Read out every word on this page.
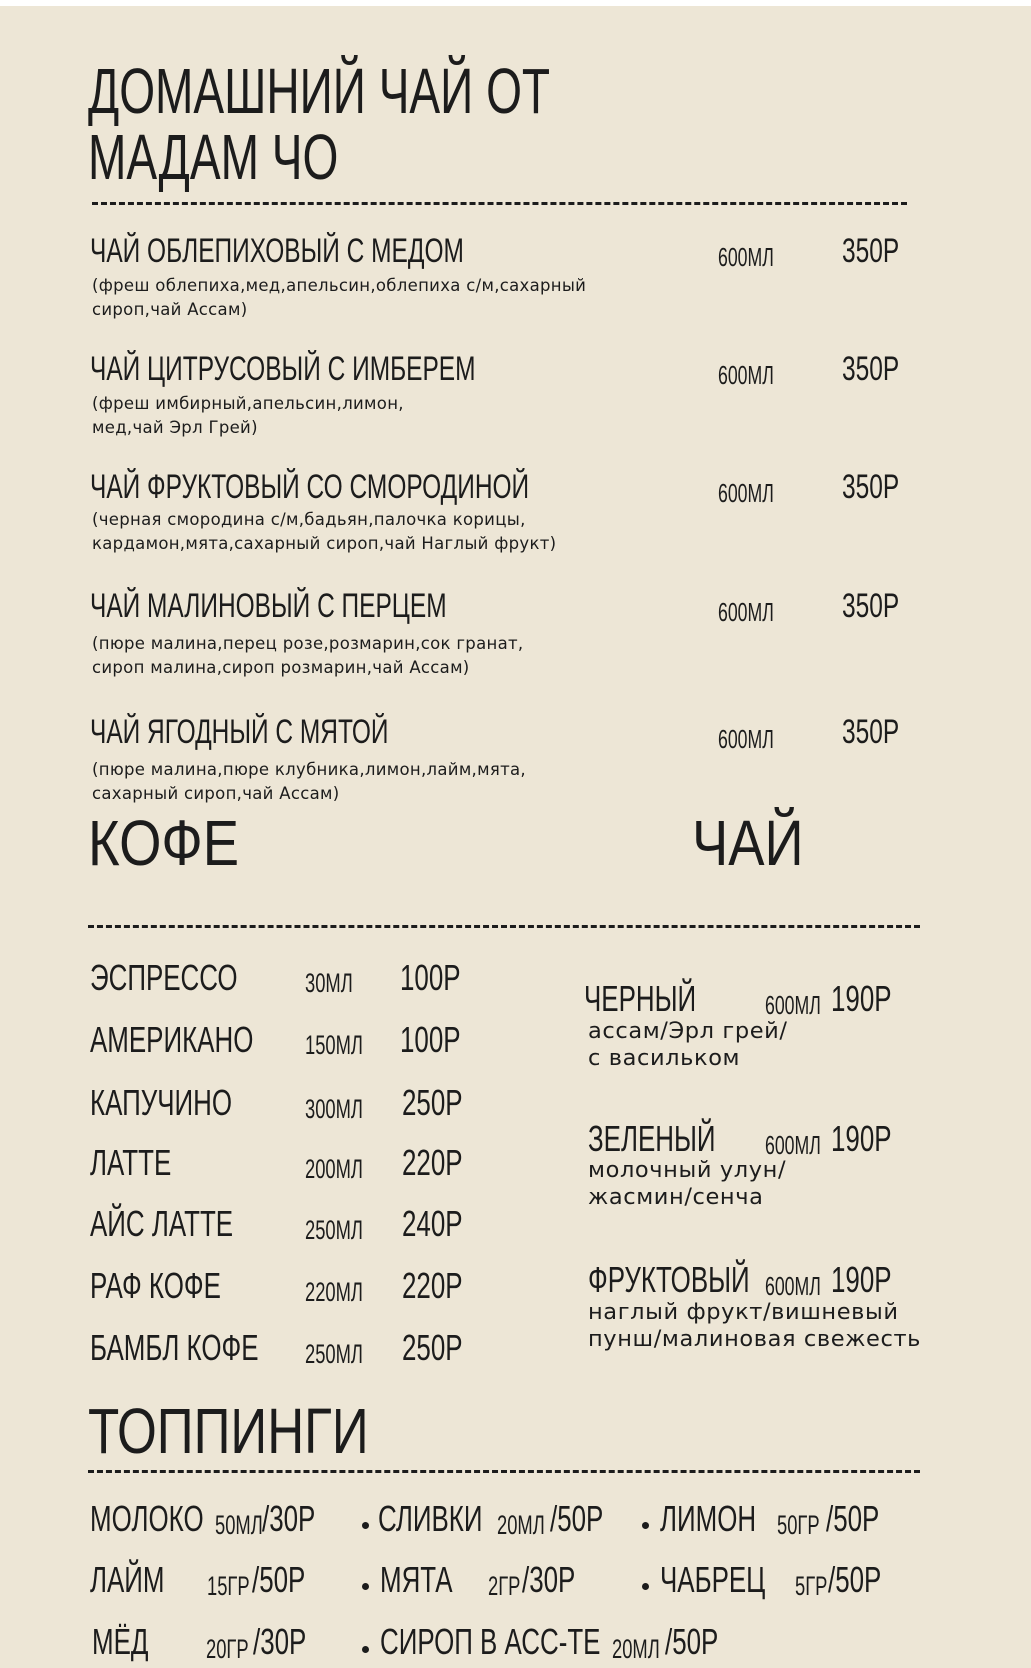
ДОМАШНИЙ ЧАЙ ОТ
МАДАМ ЧО
ЧАЙ ОБЛЕПИХОВЫЙ С МЕДОМ	600МЛ 350Р
(фреш облепиха,мед,апельсин,облепиха с/м,сахарный
сироп,чай Ассам)
ЧАЙ ЦИТРУСОВЫЙ С ИМБЕРЕМ	600МЛ 350Р
(фреш имбирный,апельсин,лимон,
мед,чай Эрл Грей)
ЧАЙ ФРУКТОВЫЙ СО СМОРОДИНОЙ	600МЛ 350Р
(черная смородина с/м,бадьян,палочка корицы,
кардамон,мята,сахарный сироп,чай Наглый фрукт)
ЧАЙ МАЛИНОВЫЙ С ПЕРЦЕМ	600МЛ 350Р
(пюре малина,перец розе,розмарин,сок гранат,
сироп малина,сироп розмарин,чай Ассам)
ЧАЙ ЯГОДНЫЙ С МЯТОЙ	600МЛ 350Р
(пюре малина,пюре клубника,лимон,лайм,мята,
сахарный сироп,чай Ассам)
КОФЕ	ЧАЙ
ЭСПРЕССО 30МЛ 100Р
АМЕРИКАНО 150МЛ 100Р
КАПУЧИНО	300МЛ 250Р
ЛАТТЕ	200МЛ 220Р
АЙС ЛАТТЕ	250МЛ 240Р
РАФ КОФЕ	220МЛ 220Р
БАМБЛ КОФЕ 250МЛ 250Р
ЧЕРНЫЙ	600МЛ 190Р
ассам/Эрл грей/
с васильком
ЗЕЛЕНЫЙ 600МЛ 190Р
молочный улун/
жасмин/сенча
ФРУКТОВЫЙ 600МЛ 190Р
наглый фрукт/вишневый
пунш/малиновая свежесть
ТОППИНГИ
МОЛОКО 50МЛ /30Р СЛИВКИ 20МЛ /50Р ЛИМОН 50ГР /50Р
ЛАЙМ 15ГР /50Р МЯТА 2ГР /30Р ЧАБРЕЦ 5ГР /50Р
МЁД 20ГР /30Р СИРОП В АСС-ТЕ 20МЛ /50Р
